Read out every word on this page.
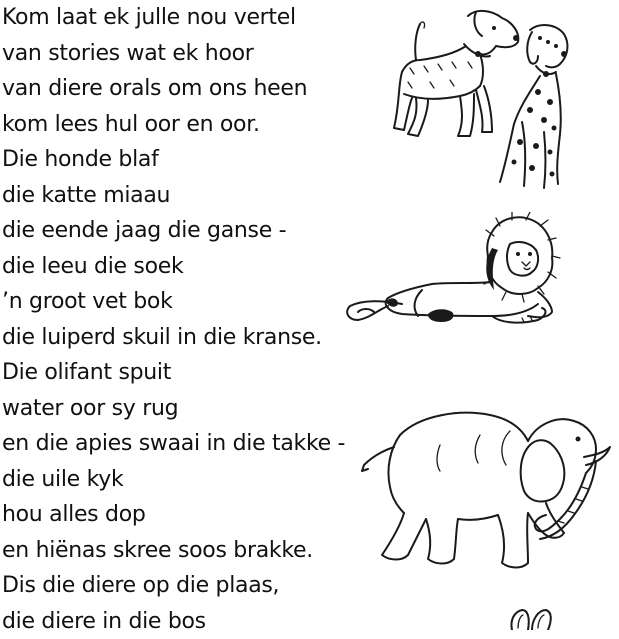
Kom laat ek julle nou vertel
van stories wat ek hoor
van diere orals om ons heen
kom lees hul oor en oor.
Die honde blaf
die katte miaau
die eende jaag die ganse -
die leeu die soek
’n groot vet bok
die luiperd skuil in die kranse.
Die olifant spuit
water oor sy rug
en die apies swaai in die takke -
die uile kyk
hou alles dop
en hiënas skree soos brakke.
Dis die diere op die plaas,
die diere in die bos
